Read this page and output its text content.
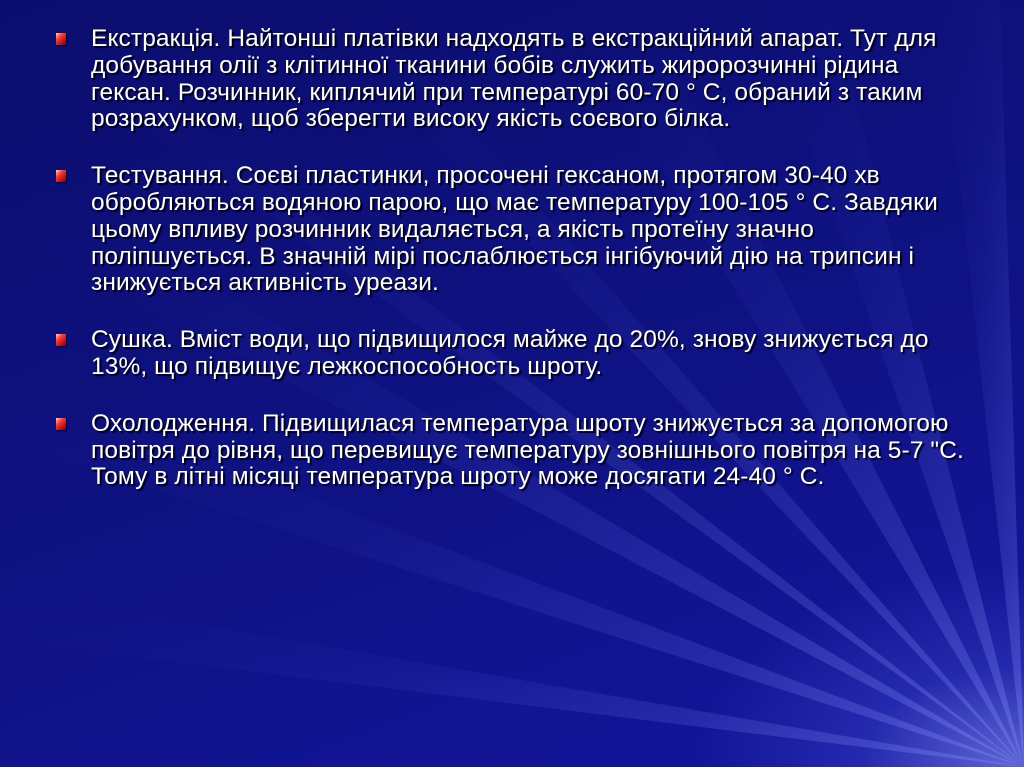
Екстракція. Найтонші платівки надходять в екстракційний апарат. Тут для добування олії з клітинної тканини бобів служить жиророзчинні рідина гексан. Розчинник, киплячий при температурі 60-70 ° С, обраний з таким розрахунком, щоб зберегти високу якість соєвого білка.
Тестування. Соєві пластинки, просочені гексаном, протягом 30-40 хв обробляються водяною парою, що має температуру 100-105 ° С. Завдяки цьому впливу розчинник видаляється, а якість протеїну значно поліпшується. В значній мірі послаблюється інгібуючий дію на трипсин і знижується активність уреази.
Сушка. Вміст води, що підвищилося майже до 20%, знову знижується до 13%, що підвищує лежкоспособность шроту.
Охолодження. Підвищилася температура шроту знижується за допомогою повітря до рівня, що перевищує температуру зовнішнього повітря на 5-7 "С. Тому в літні місяці температура шроту може досягати 24-40 ° С.
